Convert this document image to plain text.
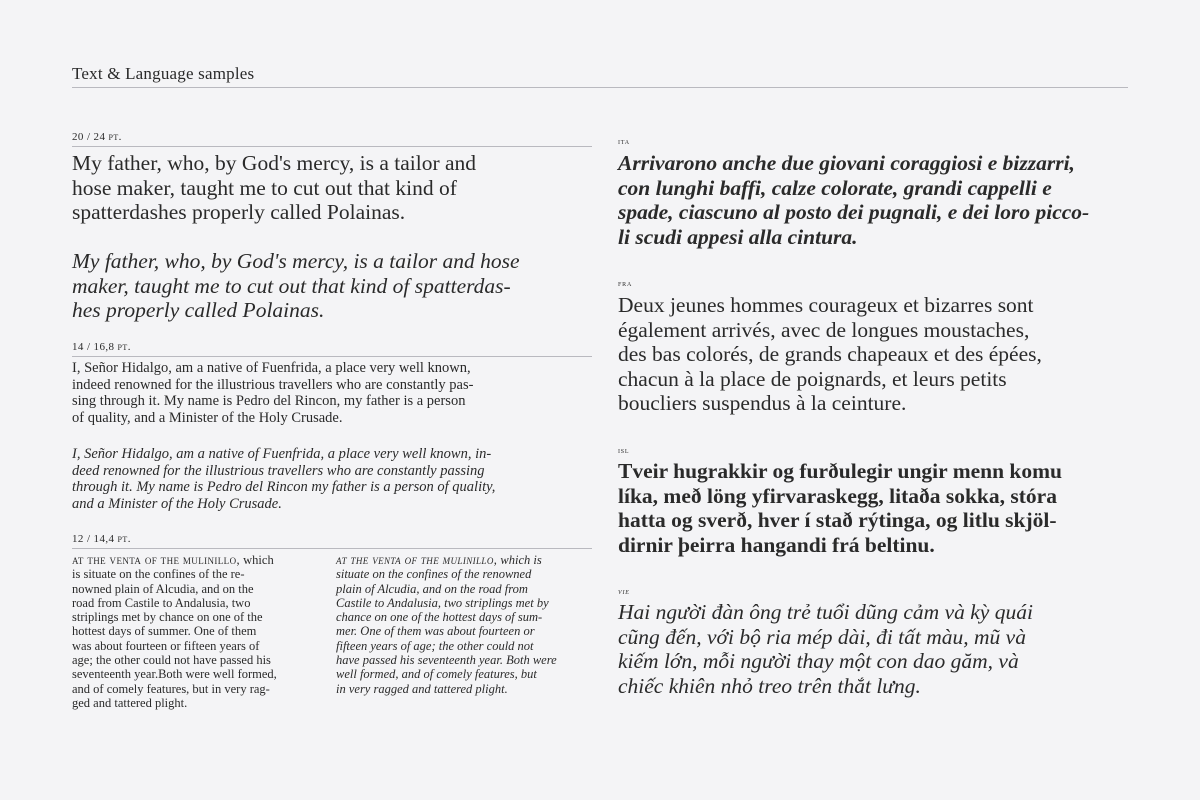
Text & Language samples
20 / 24 pt.

My father, who, by God's mercy, is a tailor and
hose maker, taught me to cut out that kind of
spatterdashes properly called Polainas.

My father, who, by God's mercy, is a tailor and hose
maker, taught me to cut out that kind of spatterdas-
hes properly called Polainas.

14 / 16,8 pt.

I, Señor Hidalgo, am a native of Fuenfrida, a place very well known,
indeed renowned for the illustrious travellers who are constantly pas-
sing through it. My name is Pedro del Rincon, my father is a person
of quality, and a Minister of the Holy Crusade.

I, Señor Hidalgo, am a native of Fuenfrida, a place very well known, in-
deed renowned for the illustrious travellers who are constantly passing
through it. My name is Pedro del Rincon my father is a person of quality,
and a Minister of the Holy Crusade.

12 / 14,4 pt.

at the venta of the mulinillo, which
is situate on the confines of the re-
nowned plain of Alcudia, and on the
road from Castile to Andalusia, two
striplings met by chance on one of the
hottest days of summer. One of them
was about fourteen or fifteen years of
age; the other could not have passed his
seventeenth year.Both were well formed,
and of comely features, but in very rag-
ged and tattered plight.

at the venta of the mulinillo, which is
situate on the confines of the renowned
plain of Alcudia, and on the road from
Castile to Andalusia, two striplings met by
chance on one of the hottest days of sum-
mer. One of them was about fourteen or
fifteen years of age; the other could not
have passed his seventeenth year. Both were
well formed, and of comely features, but
in very ragged and tattered plight.

ita

Arrivarono anche due giovani coraggiosi e bizzarri,
con lunghi baffi, calze colorate, grandi cappelli e
spade, ciascuno al posto dei pugnali, e dei loro picco-
li scudi appesi alla cintura.

fra

Deux jeunes hommes courageux et bizarres sont
également arrivés, avec de longues moustaches,
des bas colorés, de grands chapeaux et des épées,
chacun à la place de poignards, et leurs petits
boucliers suspendus à la ceinture.

isl

Tveir hugrakkir og furðulegir ungir menn komu
líka, með löng yfirvaraskegg, litaða sokka, stóra
hatta og sverð, hver í stað rýtinga, og litlu skjöl-
dirnir þeirra hangandi frá beltinu.

vie

Hai người đàn ông trẻ tuổi dũng cảm và kỳ quái
cũng đến, với bộ ria mép dài, đi tất màu, mũ và
kiếm lớn, mỗi người thay một con dao găm, và
chiếc khiên nhỏ treo trên thắt lưng.
